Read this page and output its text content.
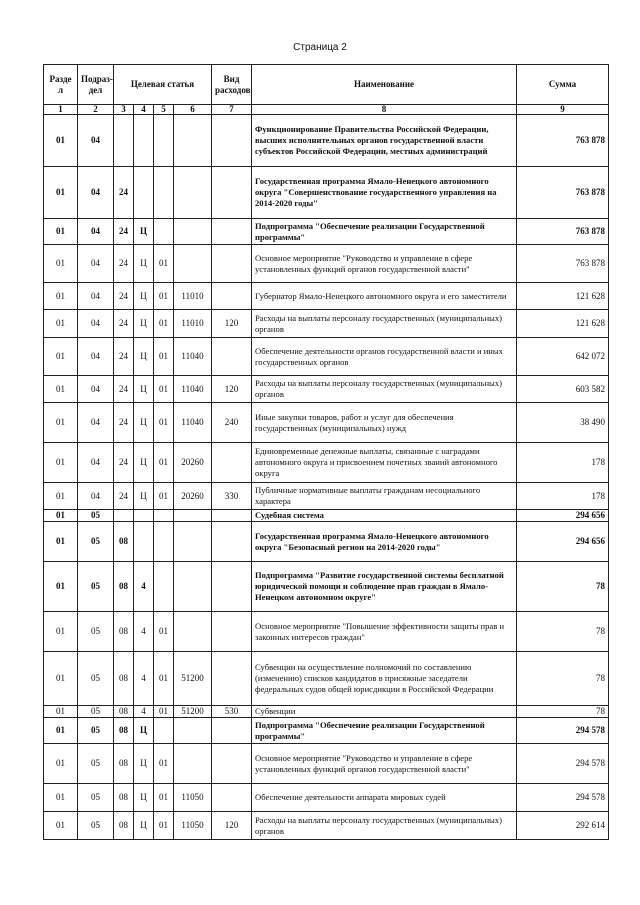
Страница 2
Разде л	Подраз- дел	Целевая статья				Вид расходов	Наименование	Сумма
1	2	3	4	5	6	7	8	9
01	04						Функционирование Правительства Российской Федерации, высших исполнительных органов государственной власти субъектов Российской Федерации, местных администраций	763 878
01	04	24					Государственная программа Ямало-Ненецкого автономного округа "Совершенствование государственного управления на 2014-2020 годы"	763 878
01	04	24	Ц				Подпрограмма "Обеспечение реализации Государственной программы"	763 878
01	04	24	Ц	01			Основное мероприятие "Руководство и управление в сфере установленных функций органов государственной власти"	763 878
01	04	24	Ц	01	11010		Губернатор Ямало-Ненецкого автономного округа и его заместители	121 628
01	04	24	Ц	01	11010	120	Расходы на выплаты персоналу государственных (муниципальных) органов	121 628
01	04	24	Ц	01	11040		Обеспечение деятельности органов государственной власти и иных государственных органов	642 072
01	04	24	Ц	01	11040	120	Расходы на выплаты персоналу государственных (муниципальных) органов	603 582
01	04	24	Ц	01	11040	240	Иные закупки товаров, работ и услуг для обеспечения государственных (муниципальных) нужд	38 490
01	04	24	Ц	01	20260		Единовременные денежные выплаты, связанные с наградами автономного округа и присвоением почетных званий автономного округа	178
01	04	24	Ц	01	20260	330	Публичные нормативные выплаты гражданам несоциального характера	178
01	05						Судебная система	294 656
01	05	08					Государственная программа Ямало-Ненецкого автономного округа "Безопасный регион на 2014-2020 годы"	294 656
01	05	08	4				Подпрограмма "Развитие государственной системы бесплатной юридической помощи и соблюдение прав граждан в Ямало-Ненецком автономном округе"	78
01	05	08	4	01			Основное мероприятие "Повышение эффективности защиты прав и законных интересов граждан"	78
01	05	08	4	01	51200		Субвенции на осуществление полномочий по составлению (изменению) списков кандидатов в присяжные заседатели федеральных судов общей юрисдикции в Российской Федерации	78
01	05	08	4	01	51200	530	Субвенции	78
01	05	08	Ц				Подпрограмма "Обеспечение реализации Государственной программы"	294 578
01	05	08	Ц	01			Основное мероприятие "Руководство и управление в сфере установленных функций органов государственной власти"	294 578
01	05	08	Ц	01	11050		Обеспечение деятельности аппарата мировых судей	294 578
01	05	08	Ц	01	11050	120	Расходы на выплаты персоналу государственных (муниципальных) органов	292 614
